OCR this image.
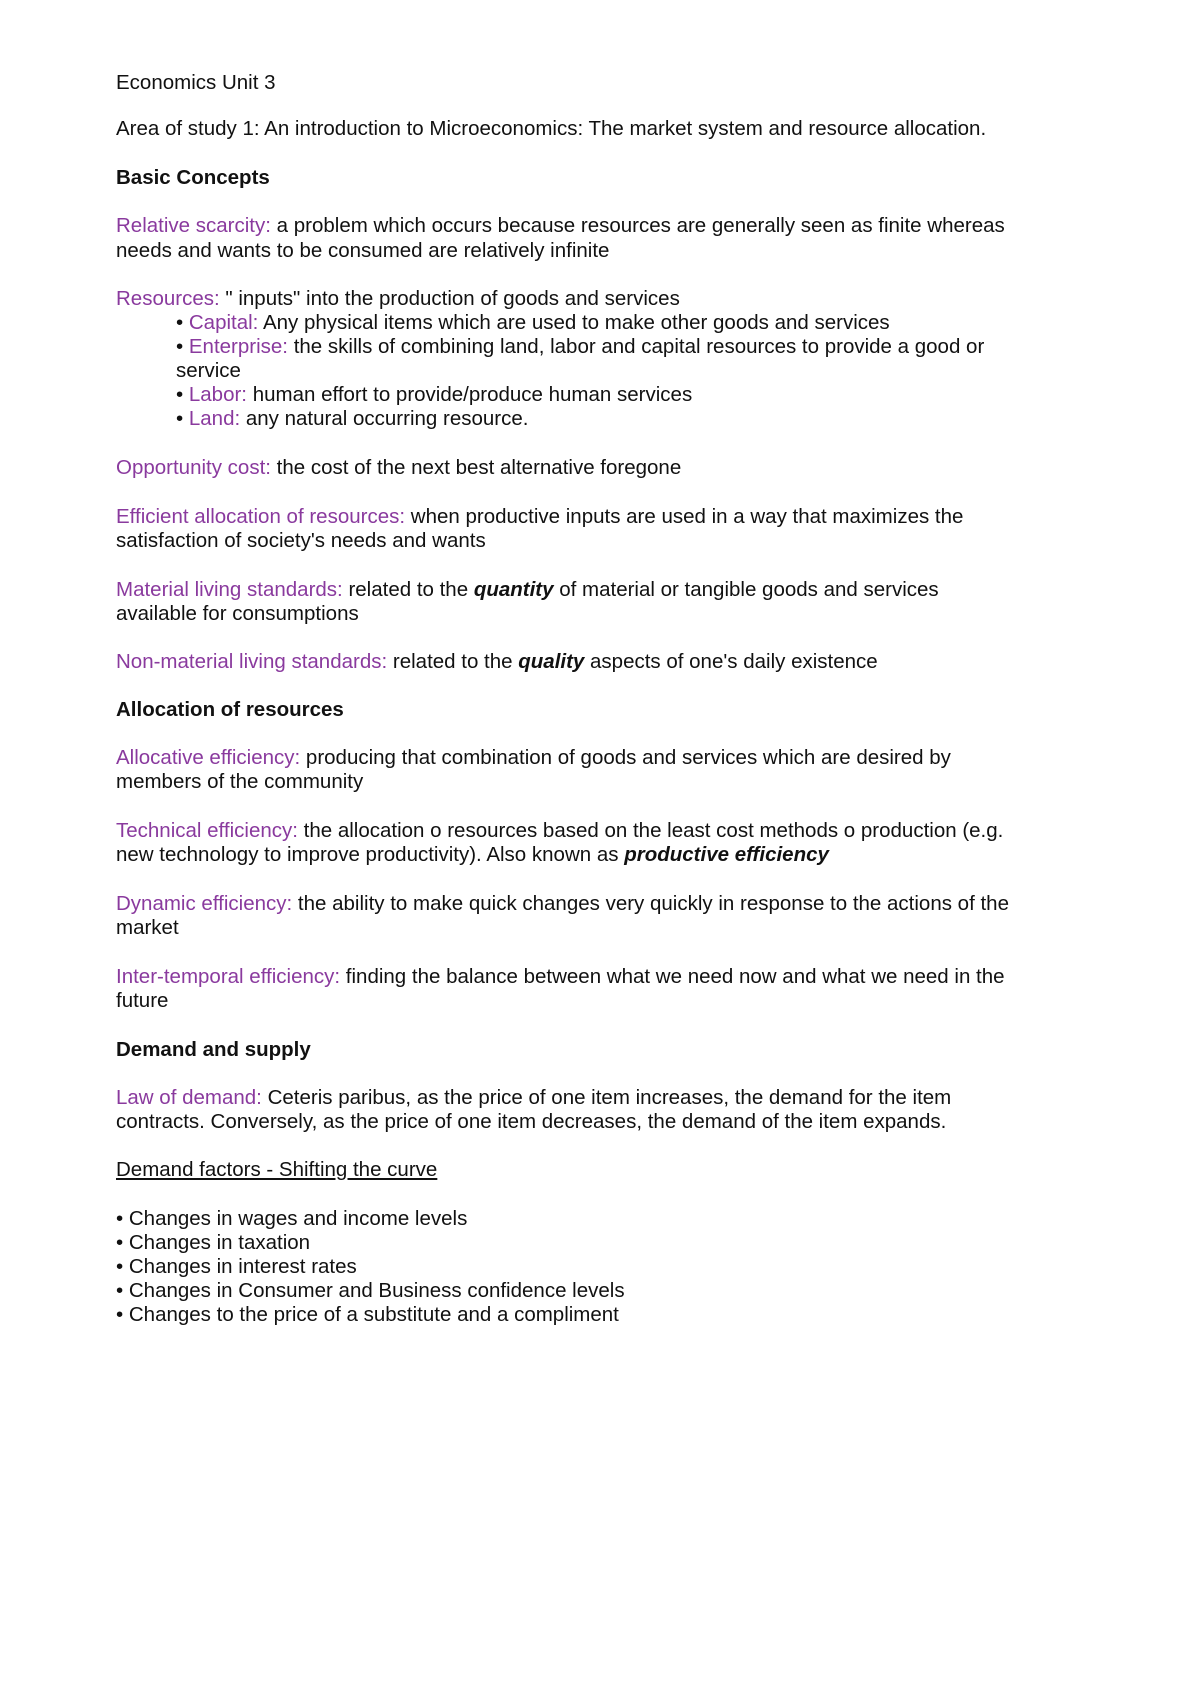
Economics Unit 3
Area of study 1: An introduction to Microeconomics: The market system and resource allocation.
Basic Concepts
Relative scarcity: a problem which occurs because resources are generally seen as finite whereas
needs and wants to be consumed are relatively infinite
Resources: " inputs" into the production of goods and services
• Capital: Any physical items which are used to make other goods and services
• Enterprise: the skills of combining land, labor and capital resources to provide a good or
service
• Labor: human effort to provide/produce human services
• Land: any natural occurring resource.
Opportunity cost: the cost of the next best alternative foregone
Efficient allocation of resources: when productive inputs are used in a way that maximizes the
satisfaction of society's needs and wants
Material living standards: related to the quantity of material or tangible goods and services
available for consumptions
Non-material living standards: related to the quality aspects of one's daily existence
Allocation of resources
Allocative efficiency: producing that combination of goods and services which are desired by
members of the community
Technical efficiency: the allocation o resources based on the least cost methods o production (e.g.
new technology to improve productivity). Also known as productive efficiency
Dynamic efficiency: the ability to make quick changes very quickly in response to the actions of the
market
Inter-temporal efficiency: finding the balance between what we need now and what we need in the
future
Demand and supply
Law of demand: Ceteris paribus, as the price of one item increases, the demand for the item
contracts. Conversely, as the price of one item decreases, the demand of the item expands.
Demand factors - Shifting the curve
• Changes in wages and income levels
• Changes in taxation
• Changes in interest rates
• Changes in Consumer and Business confidence levels
• Changes to the price of a substitute and a compliment
